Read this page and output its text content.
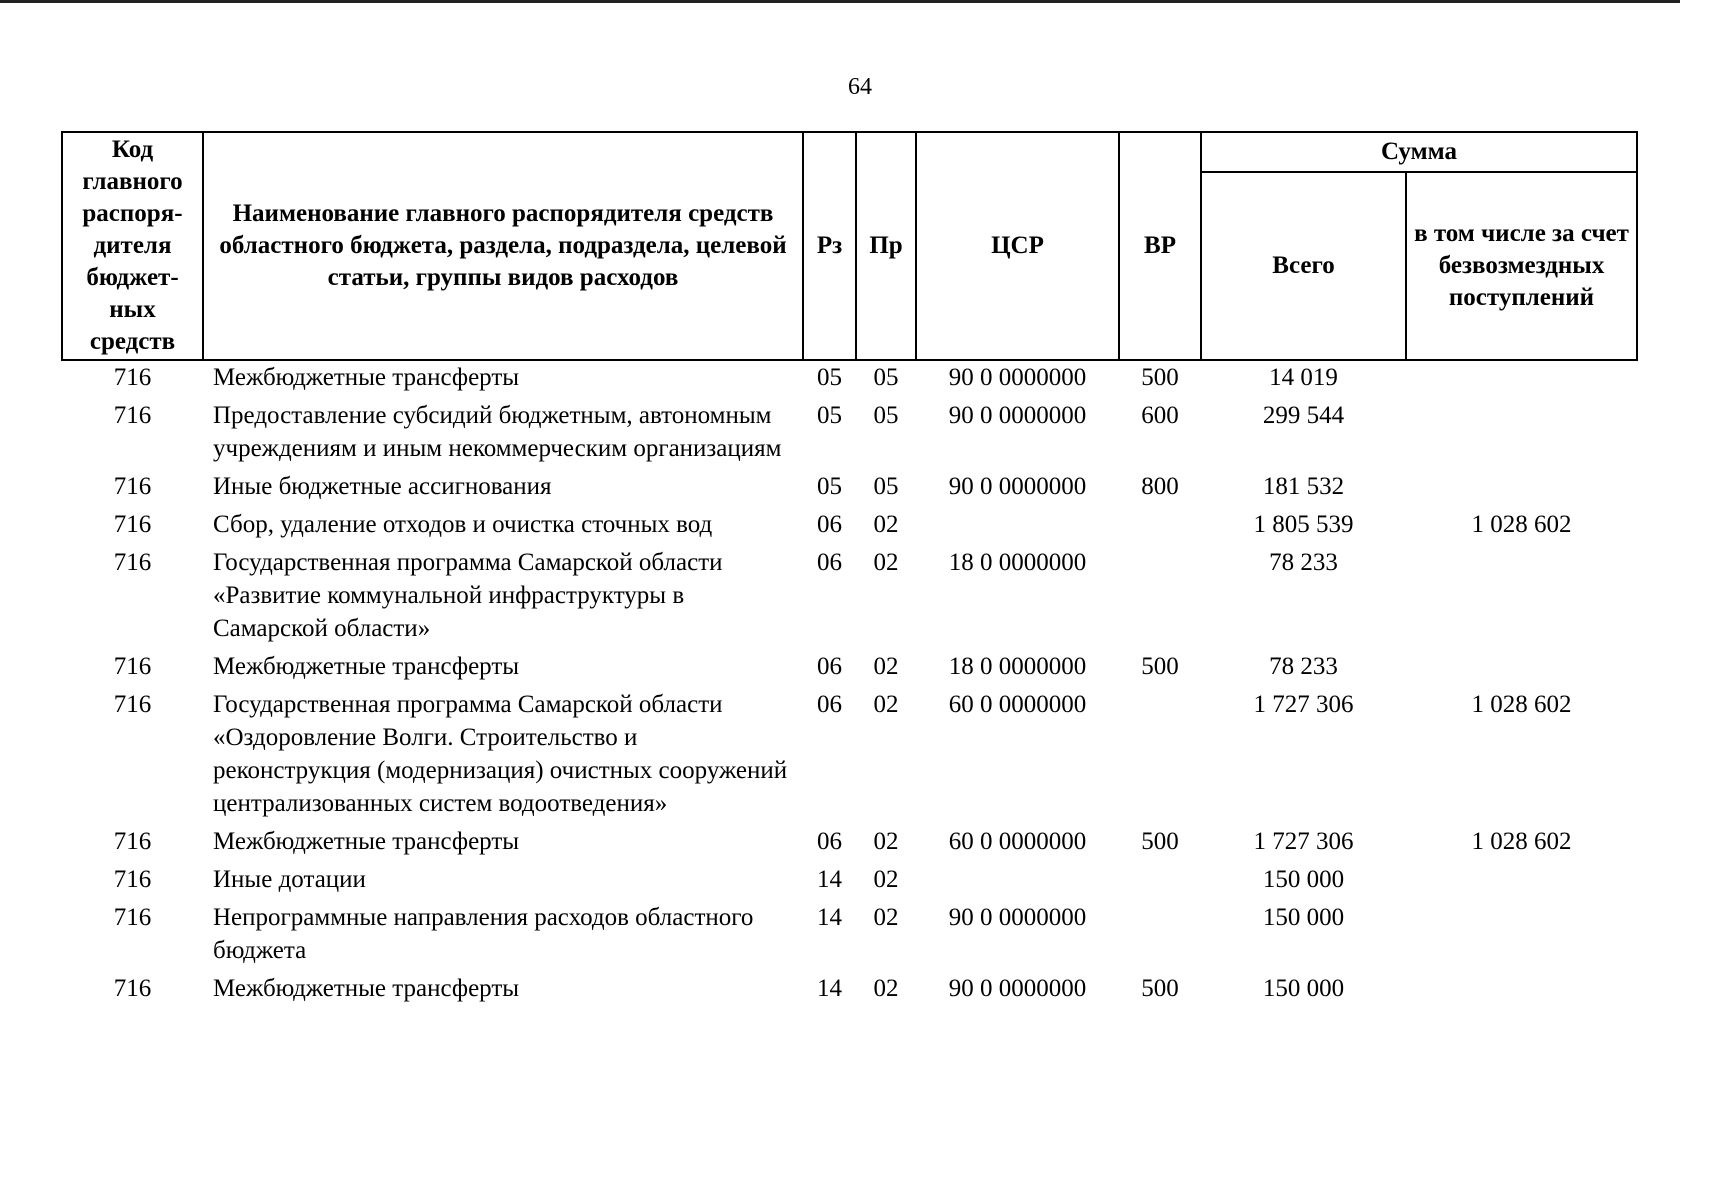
64
Код главного распоря-дителя бюджет-ных средств	Наименование главного распорядителя средств областного бюджета, раздела, подраздела, целевой статьи, группы видов расходов	Рз	Пр	ЦСР	ВР	Сумма	
						Всего	в том числе за счет безвозмездных поступлений
716	Межбюджетные трансферты	05	05	90 0 0000000	500	14 019	
716	Предоставление субсидий бюджетным, автономным учреждениям и иным некоммерческим организациям	05	05	90 0 0000000	600	299 544	
716	Иные бюджетные ассигнования	05	05	90 0 0000000	800	181 532	
716	Сбор, удаление отходов и очистка сточных вод	06	02			1 805 539	1 028 602
716	Государственная программа Самарской области «Развитие коммунальной инфраструктуры в Самарской области»	06	02	18 0 0000000		78 233	
716	Межбюджетные трансферты	06	02	18 0 0000000	500	78 233	
716	Государственная программа Самарской области «Оздоровление Волги. Строительство и реконструкция (модернизация) очистных сооружений централизованных систем водоотведения»	06	02	60 0 0000000		1 727 306	1 028 602
716	Межбюджетные трансферты	06	02	60 0 0000000	500	1 727 306	1 028 602
716	Иные дотации	14	02			150 000	
716	Непрограммные направления расходов областного бюджета	14	02	90 0 0000000		150 000	
716	Межбюджетные трансферты	14	02	90 0 0000000	500	150 000	
